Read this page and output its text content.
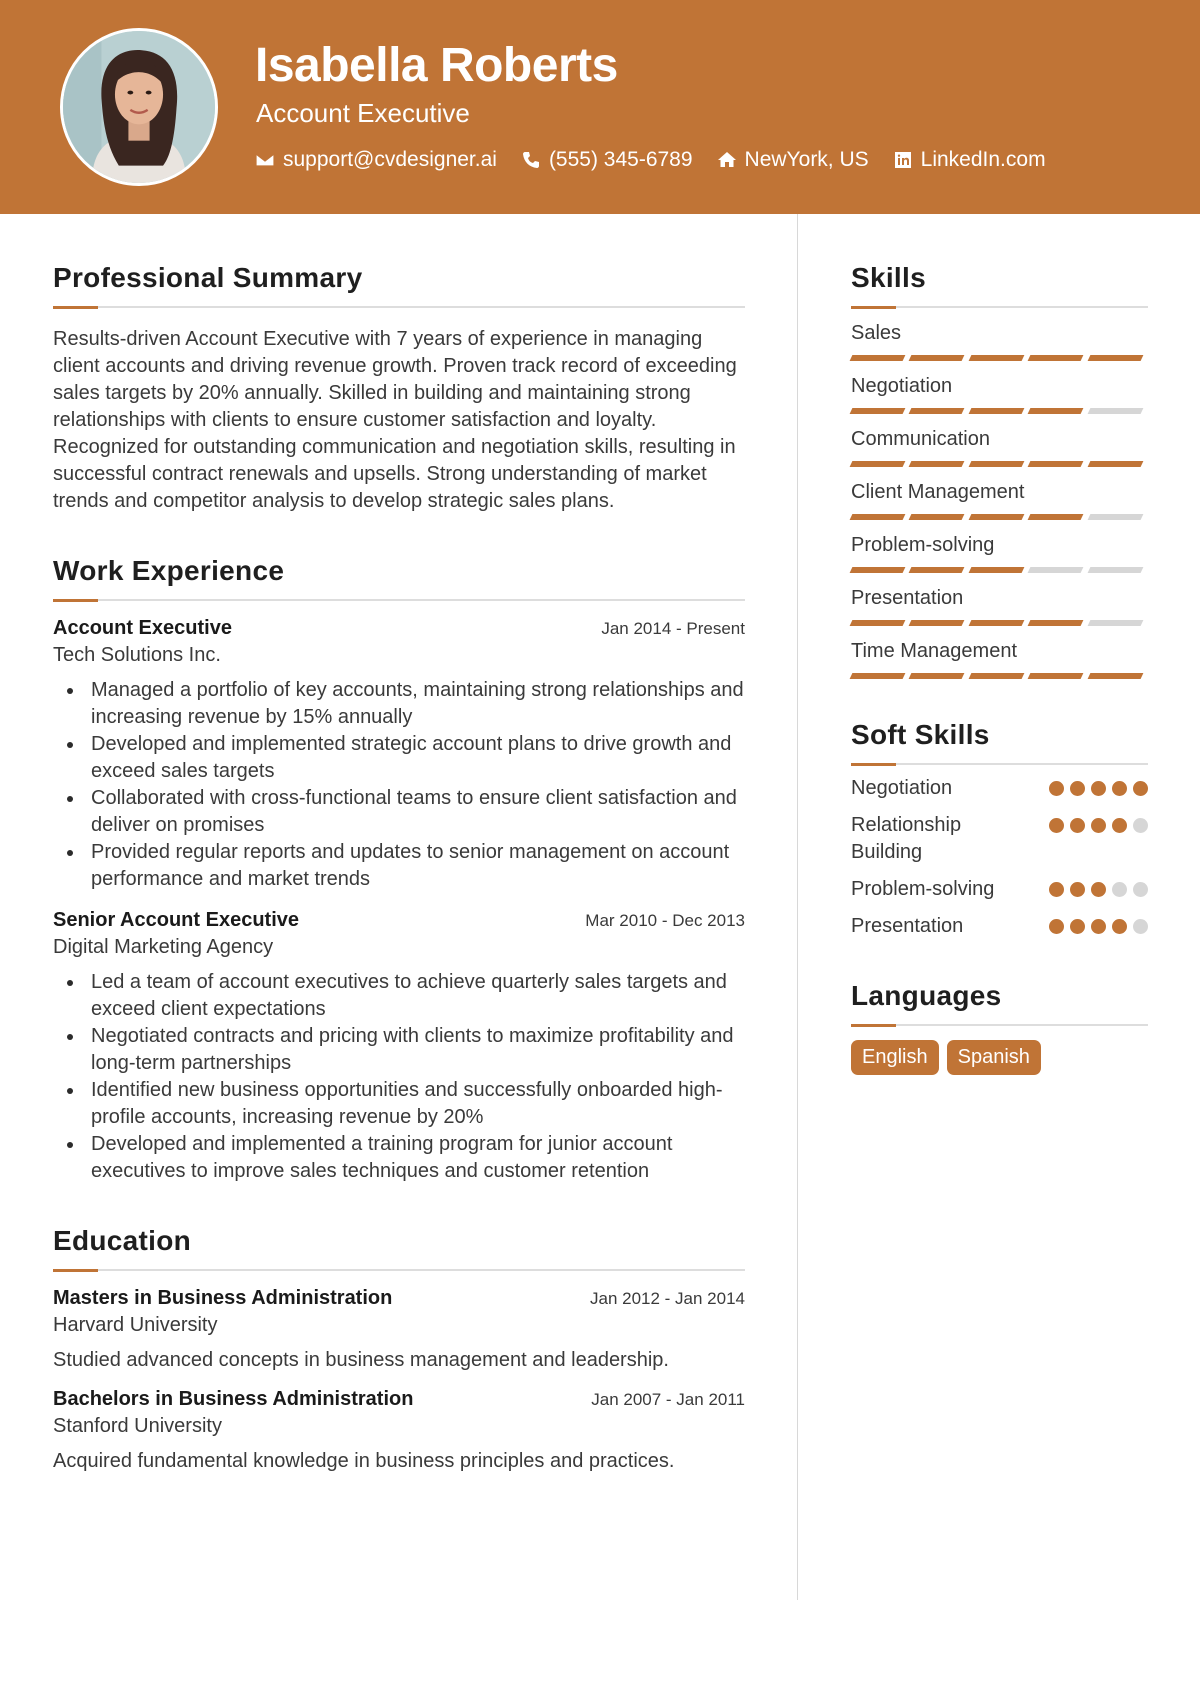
Isabella Roberts
Account Executive
support@cvdesigner.ai (555) 345-6789 NewYork, US LinkedIn.com
Professional Summary

Results-driven Account Executive with 7 years of experience in managing client accounts and driving revenue growth. Proven track record of exceeding sales targets by 20% annually. Skilled in building and maintaining strong relationships with clients to ensure customer satisfaction and loyalty. Recognized for outstanding communication and negotiation skills, resulting in successful contract renewals and upsells. Strong understanding of market trends and competitor analysis to develop strategic sales plans.

Work Experience
Account Executive	Jan 2014 - Present
Tech Solutions Inc.
Managed a portfolio of key accounts, maintaining strong relationships and increasing revenue by 15% annually
Developed and implemented strategic account plans to drive growth and exceed sales targets
Collaborated with cross-functional teams to ensure client satisfaction and deliver on promises
Provided regular reports and updates to senior management on account performance and market trends
Senior Account Executive	Mar 2010 - Dec 2013
Digital Marketing Agency
Led a team of account executives to achieve quarterly sales targets and exceed client expectations
Negotiated contracts and pricing with clients to maximize profitability and long-term partnerships
Identified new business opportunities and successfully onboarded high-profile accounts, increasing revenue by 20%
Developed and implemented a training program for junior account executives to improve sales techniques and customer retention
Education
Masters in Business Administration	Jan 2012 - Jan 2014
Harvard University
Studied advanced concepts in business management and leadership.
Bachelors in Business Administration	Jan 2007 - Jan 2011
Stanford University
Acquired fundamental knowledge in business principles and practices.
Skills
Sales
Negotiation
Communication
Client Management
Problem-solving
Presentation
Time Management
Soft Skills
Negotiation
Relationship Building
Problem-solving
Presentation
Languages
English	Spanish
